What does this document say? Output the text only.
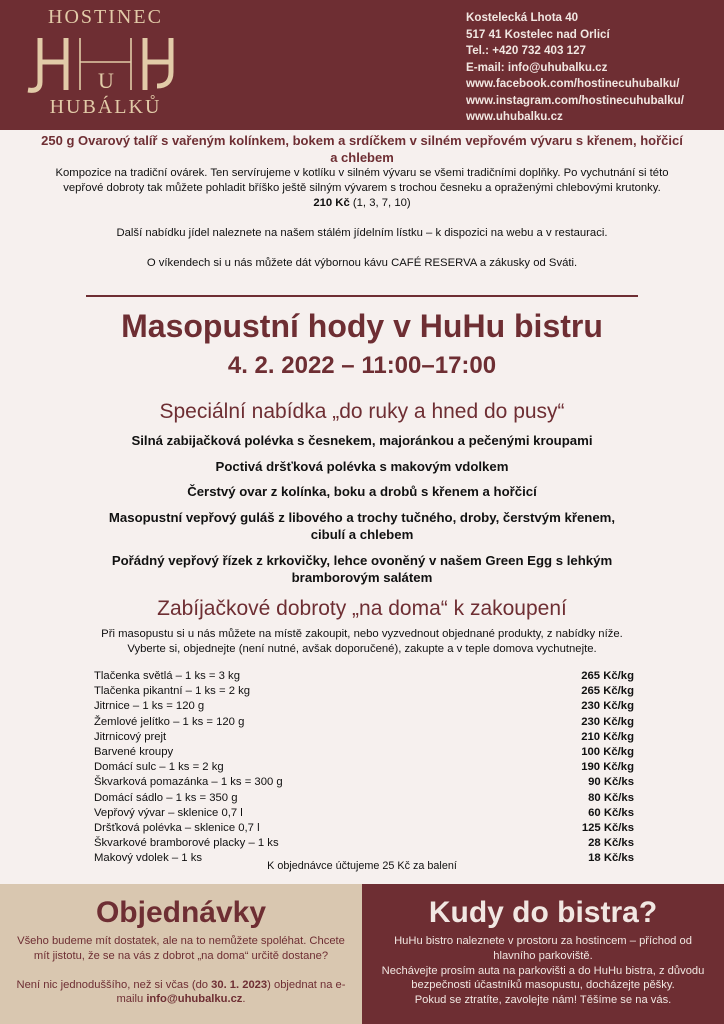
HOSTINEC
U
HUBÁLKŮ
Kostelecká Lhota 40
517 41 Kostelec nad Orlicí
Tel.: +420 732 403 127
E-mail: info@uhubalku.cz
www.facebook.com/hostinecuhubalku/
www.instagram.com/hostinecuhubalku/
www.uhubalku.cz

250 g Ovarový talíř s vařeným kolínkem, bokem a srdíčkem v silném vepřovém vývaru s křenem, hořčicí a chlebem

Kompozice na tradiční ovárek. Ten servírujeme v kotlíku v silném vývaru se všemi tradičními doplňky. Po vychutnání si této vepřové dobroty tak můžete pohladit bříško ještě silným vývarem s trochou česneku a opraženými chlebovými krutonky.

210 Kč (1, 3, 7, 10)

Další nabídku jídel naleznete na našem stálém jídelním lístku – k dispozici na webu a v restauraci.

O víkendech si u nás můžete dát výbornou kávu CAFÉ RESERVA a zákusky od Sváti.

Masopustní hody v HuHu bistru
4. 2. 2022 – 11:00–17:00
Speciální nabídka „do ruky a hned do pusy“
Silná zabijačková polévka s česnekem, majoránkou a pečenými kroupami
Poctivá dršťková polévka s makovým vdolkem
Čerstvý ovar z kolínka, boku a drobů s křenem a hořčicí
Masopustní vepřový guláš z libového a trochy tučného, droby, čerstvým křenem, cibulí a chlebem
Pořádný vepřový řízek z krkovičky, lehce ovoněný v našem Green Egg s lehkým bramborovým salátem
Zabíjačkové dobroty „na doma“ k zakoupení
Při masopustu si u nás můžete na místě zakoupit, nebo vyzvednout objednané produkty, z nabídky níže. Vyberte si, objednejte (není nutné, avšak doporučené), zakupte a v teple domova vychutnejte.
Tlačenka světlá – 1 ks = 3 kg	265 Kč/kg
Tlačenka pikantní – 1 ks = 2 kg	265 Kč/kg
Jitrnice – 1 ks = 120 g	230 Kč/kg
Žemlové jelítko – 1 ks = 120 g	230 Kč/kg
Jitrnicový prejt	210 Kč/kg
Barvené kroupy	100 Kč/kg
Domácí sulc – 1 ks = 2 kg	190 Kč/kg
Škvarková pomazánka – 1 ks = 300 g	90 Kč/ks
Domácí sádlo – 1 ks = 350 g	80 Kč/ks
Vepřový vývar – sklenice 0,7 l	60 Kč/ks
Dršťková polévka – sklenice 0,7 l	125 Kč/ks
Škvarkové bramborové placky – 1 ks	28 Kč/ks
Makový vdolek – 1 ks	18 Kč/ks
K objednávce účtujeme 25 Kč za balení
Objednávky

Všeho budeme mít dostatek, ale na to nemůžete spoléhat. Chcete mít jistotu, že se na vás z dobrot „na doma“ určitě dostane?

Není nic jednoduššího, než si včas (do 30. 1. 2023) objednat na e-mailu info@uhubalku.cz.

Kudy do bistra?

HuHu bistro naleznete v prostoru za hostincem – příchod od hlavního parkoviště.

Nechávejte prosím auta na parkovišti a do HuHu bistra, z důvodu bezpečnosti účastníků masopustu, docházejte pěšky.

Pokud se ztratíte, zavolejte nám! Těšíme se na vás.
